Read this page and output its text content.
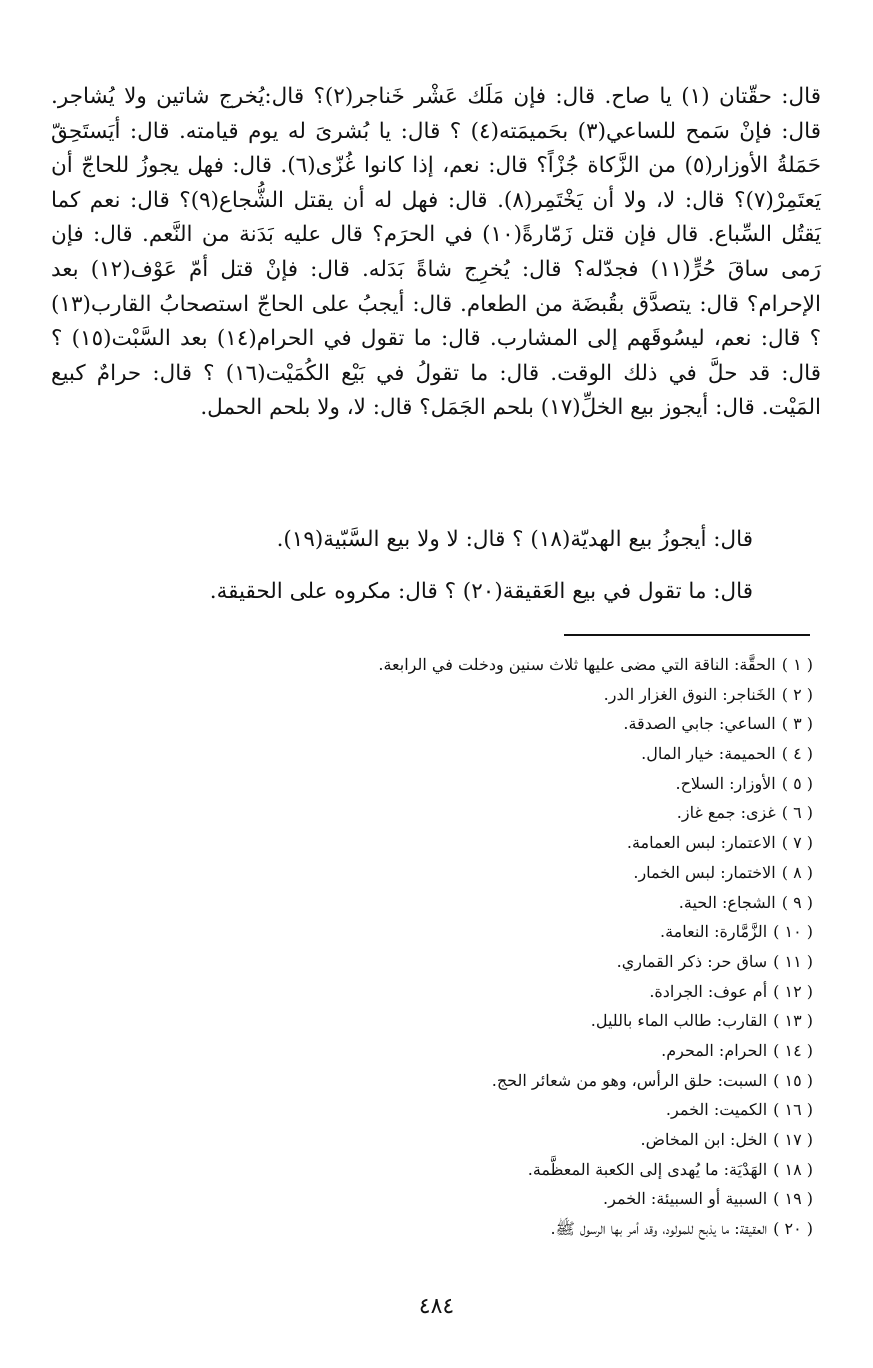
قال: حقّتان (١) يا صاح. قال: فإن مَلَك عَشْر خَناجر(٢)؟ قال:يُخرج شاتين ولا يُشاجر. قال: فإنْ سَمح للساعي(٣) بحَميمَته(٤) ؟ قال: يا بُشرىَ له يوم قيامته. قال: أيَستَحِقّ حَمَلةُ الأوزار(٥) من الزَّكاة جُزْاً؟ قال: نعم، إذا كانوا غُزّى(٦). قال: فهل يجوزُ للحاجّ أن يَعتَمِرْ(٧)؟ قال: لا، ولا أن يَخْتَمِر(٨). قال: فهل له أن يقتل الشُّجاع(٩)؟ قال: نعم كما يَقتُل السِّباع. قال فإن قتل زَمّارةً(١٠) في الحرَم؟ قال عليه بَدَنة من النَّعم. قال: فإن رَمى ساقَ حُرٍّ(١١) فجدّله؟ قال: يُخرِج شاةً بَدَله. قال: فإنْ قتل أمّ عَوْف(١٢) بعد الإحرام؟ قال: يتصدَّق بقُبضَة من الطعام. قال: أيجبُ على الحاجّ استصحابُ القارب(١٣) ؟ قال: نعم، ليسُوقَهم إلى المشارب. قال: ما تقول في الحرام(١٤) بعد السَّبْت(١٥) ؟ قال: قد حلَّ في ذلك الوقت. قال: ما تقولُ في بَيْع الكُمَيْت(١٦) ؟ قال: حرامٌ كبيع المَيْت. قال: أيجوز بيع الخلِّ(١٧) بلحم الجَمَل؟ قال: لا، ولا بلحم الحمل.

قال: أيجوزُ بيع الهديّة(١٨) ؟ قال: لا ولا بيع السَّبّية(١٩).

قال: ما تقول في بيع العَقيقة(٢٠) ؟ قال: مكروه على الحقيقة.

( ١ )الحقَّة: الناقة التي مضى عليها ثلاث سنين ودخلت في الرابعة.
( ٢ )الخَناجر: النوق الغزار الدر.
( ٣ )الساعي: جابي الصدقة.
( ٤ )الحميمة: خيار المال.
( ٥ )الأوزار: السلاح.
( ٦ )غزى: جمع غاز.
( ٧ )الاعتمار: لبس العمامة.
( ٨ )الاختمار: لبس الخمار.
( ٩ )الشجاع: الحية.
( ١٠ )الزَّمَّارة: النعامة.
( ١١ )ساق حر: ذكر القماري.
( ١٢ )أم عوف: الجرادة.
( ١٣ )القارب: طالب الماء بالليل.
( ١٤ )الحرام: المحرم.
( ١٥ )السبت: حلق الرأس، وهو من شعائر الحج.
( ١٦ )الكميت: الخمر.
( ١٧ )الخل: ابن المخاض.
( ١٨ )الهَدْيَة: ما يُهدى إلى الكعبة المعظَّمة.
( ١٩ )السبية أو السبيئة: الخمر.
( ٢٠ )العقيقة: ما يذبح للمولود، وقد أمر بها الرسول ﷺ.
٤٨٤
